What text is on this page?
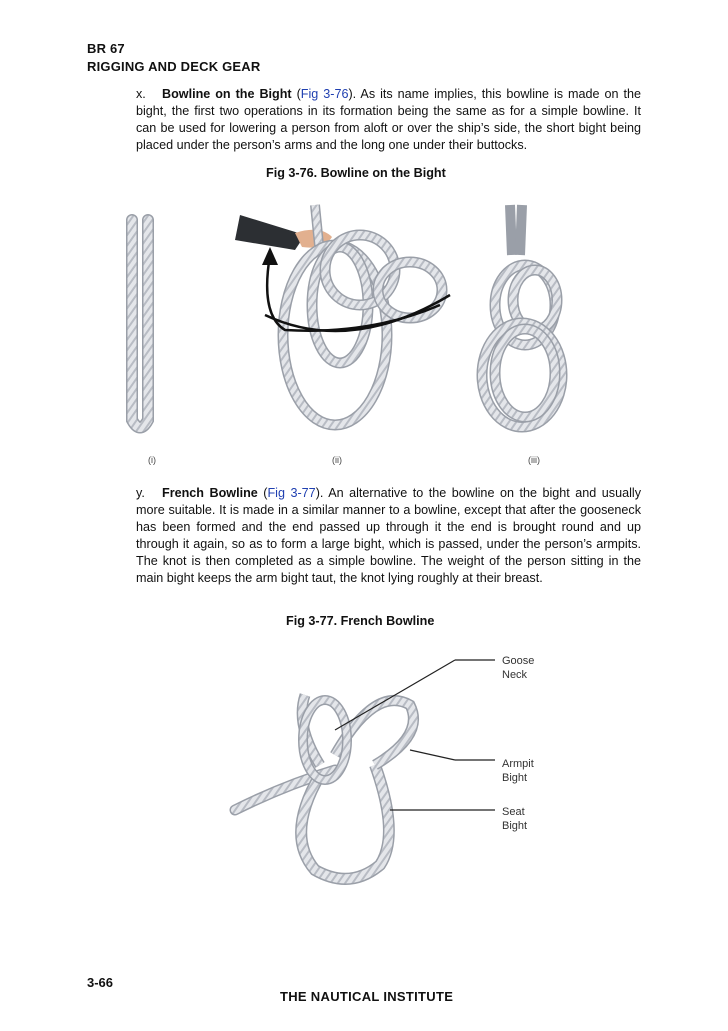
BR 67
RIGGING AND DECK GEAR
x. Bowline on the Bight (Fig 3-76). As its name implies, this bowline is made on the bight, the first two operations in its formation being the same as for a simple bowline. It can be used for lowering a person from aloft or over the ship’s side, the short bight being placed under the person’s arms and the long one under their buttocks.
Fig 3-76. Bowline on the Bight
(i)	(ii)	(iii)
y. French Bowline (Fig 3-77). An alternative to the bowline on the bight and usually more suitable. It is made in a similar manner to a bowline, except that after the gooseneck has been formed and the end passed up through it the end is brought round and up through it again, so as to form a large bight, which is passed, under the person’s armpits. The knot is then completed as a simple bowline. The weight of the person sitting in the main bight keeps the arm bight taut, the knot lying roughly at their breast.
Fig 3-77. French Bowline
Goose
Neck
Armpit
Bight
Seat
Bight
3-66
THE NAUTICAL INSTITUTE
